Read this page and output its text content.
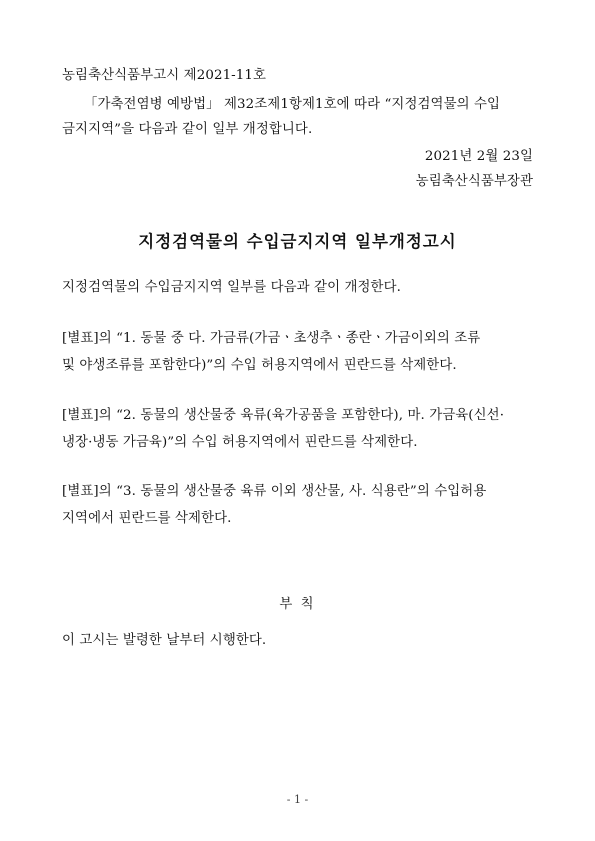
농림축산식품부고시 제2021-11호
「가축전염병 예방법」 제32조제1항제1호에 따라 “지정검역물의 수입
금지지역”을 다음과 같이 일부 개정합니다.
2021년 2월 23일
농림축산식품부장관
지정검역물의 수입금지지역 일부개정고시
지정검역물의 수입금지지역 일부를 다음과 같이 개정한다.
[별표]의 “1. 동물 중 다. 가금류(가금ㆍ초생추ㆍ종란ㆍ가금이외의 조류
및 야생조류를 포함한다)”의 수입 허용지역에서 핀란드를 삭제한다.
[별표]의 “2. 동물의 생산물중 육류(육가공품을 포함한다), 마. 가금육(신선·
냉장·냉동 가금육)”의 수입 허용지역에서 핀란드를 삭제한다.
[별표]의 “3. 동물의 생산물중 육류 이외 생산물, 사. 식용란”의 수입허용
지역에서 핀란드를 삭제한다.
부 칙
이 고시는 발령한 날부터 시행한다.
- 1 -
